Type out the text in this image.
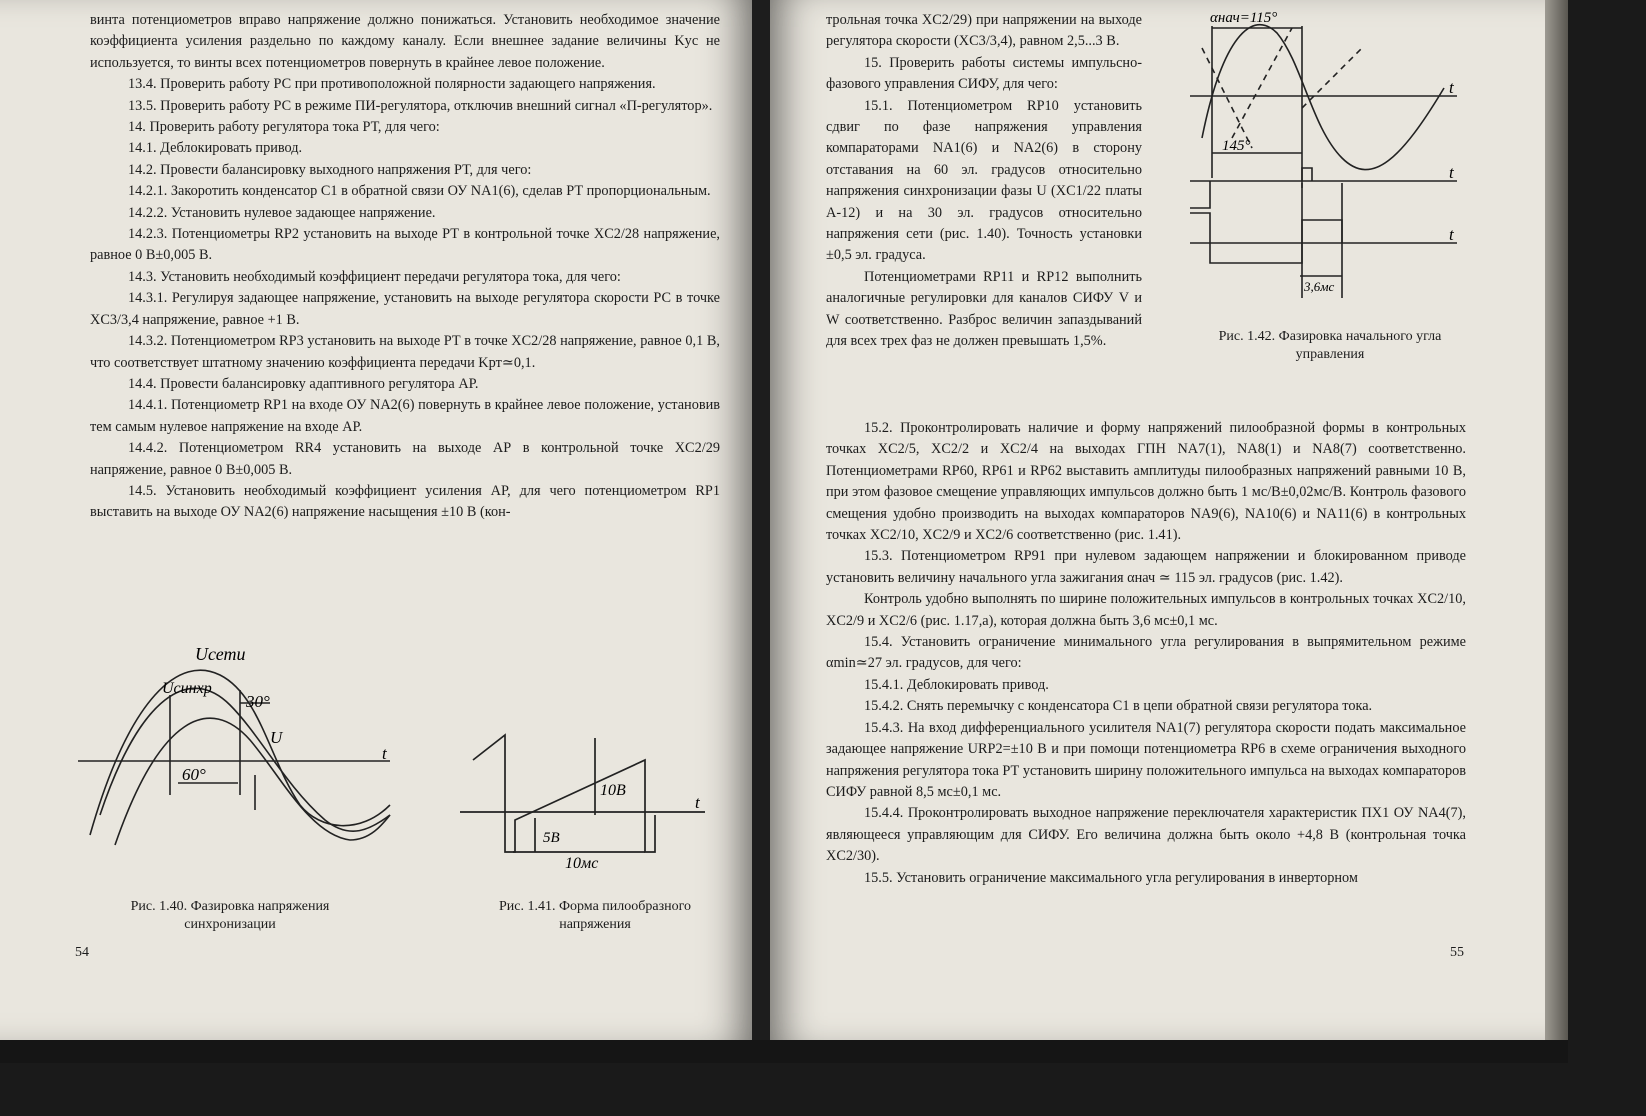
винта потенциометров вправо напряжение должно понижаться. Установить необходимое значение коэффициента усиления раздельно по каждому каналу. Если внешнее задание величины Kус не используется, то винты всех потенциометров повернуть в крайнее левое положение.

13.4. Проверить работу РС при противоположной полярности задающего напряжения.

13.5. Проверить работу РС в режиме ПИ-регулятора, отключив внешний сигнал «П-регулятор».

14. Проверить работу регулятора тока РТ, для чего:

14.1. Деблокировать привод.

14.2. Провести балансировку выходного напряжения РТ, для чего:

14.2.1. Закоротить конденсатор С1 в обратной связи ОУ NA1(6), сделав РТ пропорциональным.

14.2.2. Установить нулевое задающее напряжение.

14.2.3. Потенциометры RP2 установить на выходе РТ в контрольной точке XC2/28 напряжение, равное 0 В±0,005 В.

14.3. Установить необходимый коэффициент передачи регулятора тока, для чего:

14.3.1. Регулируя задающее напряжение, установить на выходе регулятора скорости РС в точке XC3/3,4 напряжение, равное +1 В.

14.3.2. Потенциометром RP3 установить на выходе РТ в точке XC2/28 напряжение, равное 0,1 В, что соответствует штатному значению коэффициента передачи Kрт≃0,1.

14.4. Провести балансировку адаптивного регулятора АР.

14.4.1. Потенциометр RP1 на входе ОУ NA2(6) повернуть в крайнее левое положение, установив тем самым нулевое напряжение на входе АР.

14.4.2. Потенциометром RR4 установить на выходе АР в контрольной точке XC2/29 напряжение, равное 0 В±0,005 В.

14.5. Установить необходимый коэффициент усиления АР, для чего потенциометром RP1 выставить на выходе ОУ NA2(6) напряжение насыщения ±10 В (кон-

Uсети
Uсинхр
U
t
30°
60°
Рис. 1.40. Фазировка напряжения
синхронизации
10В
5В
10мс
t
Рис. 1.41. Форма пилообразного
напряжения
54

трольная точка XC2/29) при напряжении на выходе регулятора скорости (XC3/3,4), равном 2,5...3 В.

15. Проверить работы системы импульсно-фазового управления СИФУ, для чего:

15.1. Потенциометром RP10 установить сдвиг по фазе напряжения управления компараторами NA1(6) и NA2(6) в сторону отставания на 60 эл. градусов относительно напряжения синхронизации фазы U (XC1/22 платы А-12) и на 30 эл. градусов относительно напряжения сети (рис. 1.40). Точность установки ±0,5 эл. градуса.

Потенциометрами RP11 и RP12 выполнить аналогичные регулировки для каналов СИФУ V и W соответственно. Разброс величин запаздываний для всех трех фаз не должен превышать 1,5%.

αнач=115°
145°
3,6мс
t
t
t
Рис. 1.42. Фазировка начального угла
управления

15.2. Проконтролировать наличие и форму напряжений пилообразной формы в контрольных точках XC2/5, XC2/2 и XC2/4 на выходах ГПН NA7(1), NA8(1) и NA8(7) соответственно. Потенциометрами RP60, RP61 и RP62 выставить амплитуды пилообразных напряжений равными 10 В, при этом фазовое смещение управляющих импульсов должно быть 1 мс/В±0,02мс/В. Контроль фазового смещения удобно производить на выходах компараторов NA9(6), NA10(6) и NA11(6) в контрольных точках XC2/10, XC2/9 и XC2/6 соответственно (рис. 1.41).

15.3. Потенциометром RP91 при нулевом задающем напряжении и блокированном приводе установить величину начального угла зажигания αнач ≃ 115 эл. градусов (рис. 1.42).

Контроль удобно выполнять по ширине положительных импульсов в контрольных точках XC2/10, XC2/9 и XC2/6 (рис. 1.17,а), которая должна быть 3,6 мс±0,1 мс.

15.4. Установить ограничение минимального угла регулирования в выпрямительном режиме αmin≃27 эл. градусов, для чего:

15.4.1. Деблокировать привод.

15.4.2. Снять перемычку с конденсатора С1 в цепи обратной связи регулятора тока.

15.4.3. На вход дифференциального усилителя NA1(7) регулятора скорости подать максимальное задающее напряжение URP2=±10 В и при помощи потенциометра RP6 в схеме ограничения выходного напряжения регулятора тока РТ установить ширину положительного импульса на выходах компараторов СИФУ равной 8,5 мс±0,1 мс.

15.4.4. Проконтролировать выходное напряжение переключателя характеристик ПХ1 ОУ NA4(7), являющееся управляющим для СИФУ. Его величина должна быть около +4,8 В (контрольная точка XC2/30).

15.5. Установить ограничение максимального угла регулирования в инверторном

55
